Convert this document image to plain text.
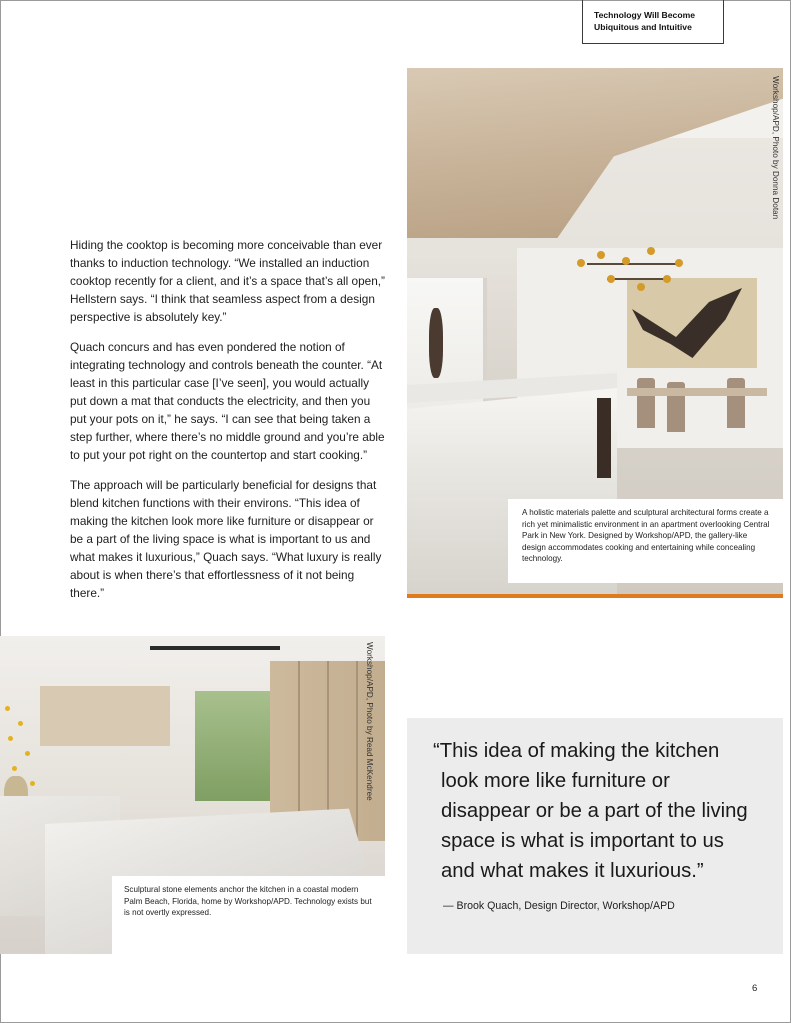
Technology Will Become
Ubiquitous and Intuitive

Hiding the cooktop is becoming more conceivable than ever thanks to induction technology. “We installed an induction cooktop recently for a client, and it’s a space that’s all open,” Hellstern says. “I think that seamless aspect from a design perspective is absolutely key.”

Quach concurs and has even pondered the notion of integrating technology and controls beneath the counter. “At least in this particular case [I’ve seen], you would actually put down a mat that conducts the electricity, and then you put your pots on it,” he says. “I can see that being taken a step further, where there’s no middle ground and you’re able to put your pot right on the countertop and start cooking.”

The approach will be particularly beneficial for designs that blend kitchen functions with their environs. “This idea of making the kitchen look more like furniture or disappear or be a part of the living space is what is important to us and what makes it luxurious,” Quach says. “What luxury is really about is when there’s that effortlessness of it not being there.”

Workshop/APD, Photo by Donna Dotan
A holistic materials palette and sculptural architectural forms create a rich yet minimalistic environment in an apartment overlooking Central Park in New York. Designed by Workshop/APD, the gallery-like design accommodates cooking and entertaining while concealing technology.
Workshop/APD, Photo by Read McKendree
Sculptural stone elements anchor the kitchen in a coastal modern Palm Beach, Florida, home by Workshop/APD. Technology exists but is not overtly expressed.
“This idea of making the kitchen look more like furniture or disappear or be a part of the living space is what is important to us and what makes it luxurious.”
— Brook Quach, Design Director, Workshop/APD
6
